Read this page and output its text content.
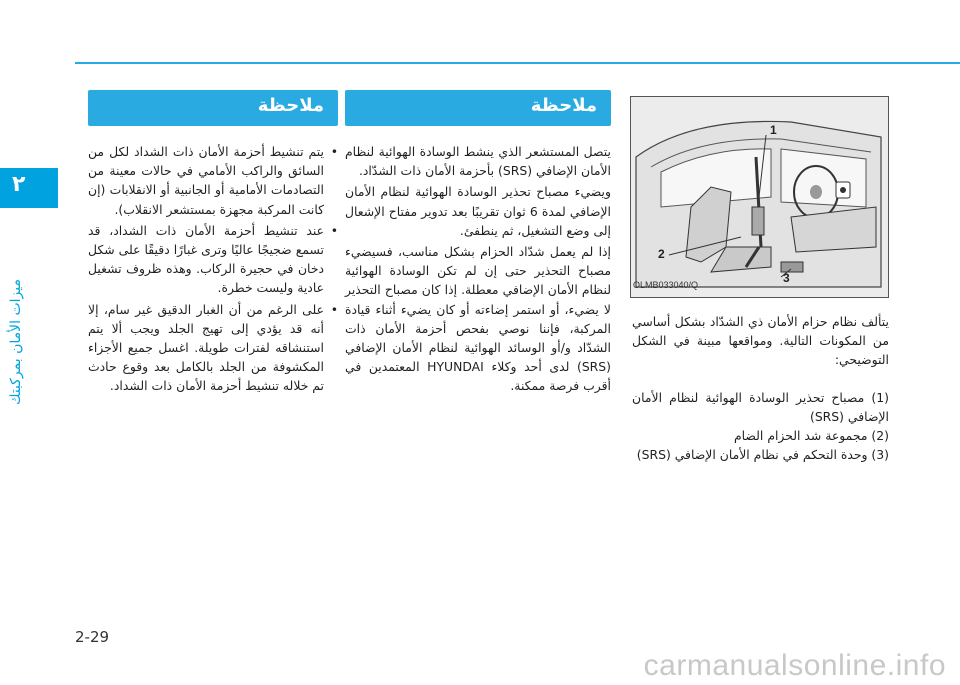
٢
ميزات الأمان بمركبتك
1
2
3
OLMB033040/Q

يتألف نظام حزام الأمان ذي الشدّاد بشكل أساسي من المكونات التالية. ومواقعها مبينة في الشكل التوضيحي:

(1) مصباح تحذير الوسادة الهوائية لنظام الأمان الإضافي (SRS)

(2) مجموعة شد الحزام الضام

(3) وحدة التحكم في نظام الأمان الإضافي (SRS)

ملاحظة

يتصل المستشعر الذي ينشط الوسادة الهوائية لنظام الأمان الإضافي (SRS) بأحزمة الأمان ذات الشدّاد.

ويضيء مصباح تحذير الوسادة الهوائية لنظام الأمان الإضافي لمدة 6 ثوان تقريبًا بعد تدوير مفتاح الإشعال إلى وضع التشغيل، ثم ينطفئ.

إذا لم يعمل شدّاد الحزام بشكل مناسب، فسيضيء مصباح التحذير حتى إن لم تكن الوسادة الهوائية لنظام الأمان الإضافي معطلة. إذا كان مصباح التحذير لا يضيء، أو استمر إضاءته أو كان يضيء أثناء قيادة المركبة، فإننا نوصي بفحص أحزمة الأمان ذات الشدّاد و/أو الوسائد الهوائية لنظام الأمان الإضافي (SRS) لدى أحد وكلاء HYUNDAI المعتمدين في أقرب فرصة ممكنة.

ملاحظة
• يتم تنشيط أحزمة الأمان ذات الشداد لكل من السائق والراكب الأمامي في حالات معينة من التصادمات الأمامية أو الجانبية أو الانقلابات (إن كانت المركبة مجهزة بمستشعر الانقلاب).
• عند تنشيط أحزمة الأمان ذات الشداد، قد تسمع ضجيجًا عاليًا وترى غبارًا دقيقًا على شكل دخان في حجيرة الركاب. وهذه ظروف تشغيل عادية وليست خطرة.
• على الرغم من أن الغبار الدقيق غير سام، إلا أنه قد يؤدي إلى تهيج الجلد ويجب ألا يتم استنشاقه لفترات طويلة. اغسل جميع الأجزاء المكشوفة من الجلد بالكامل بعد وقوع حادث تم خلاله تنشيط أحزمة الأمان ذات الشداد.
2-29
carmanualsonline.info
